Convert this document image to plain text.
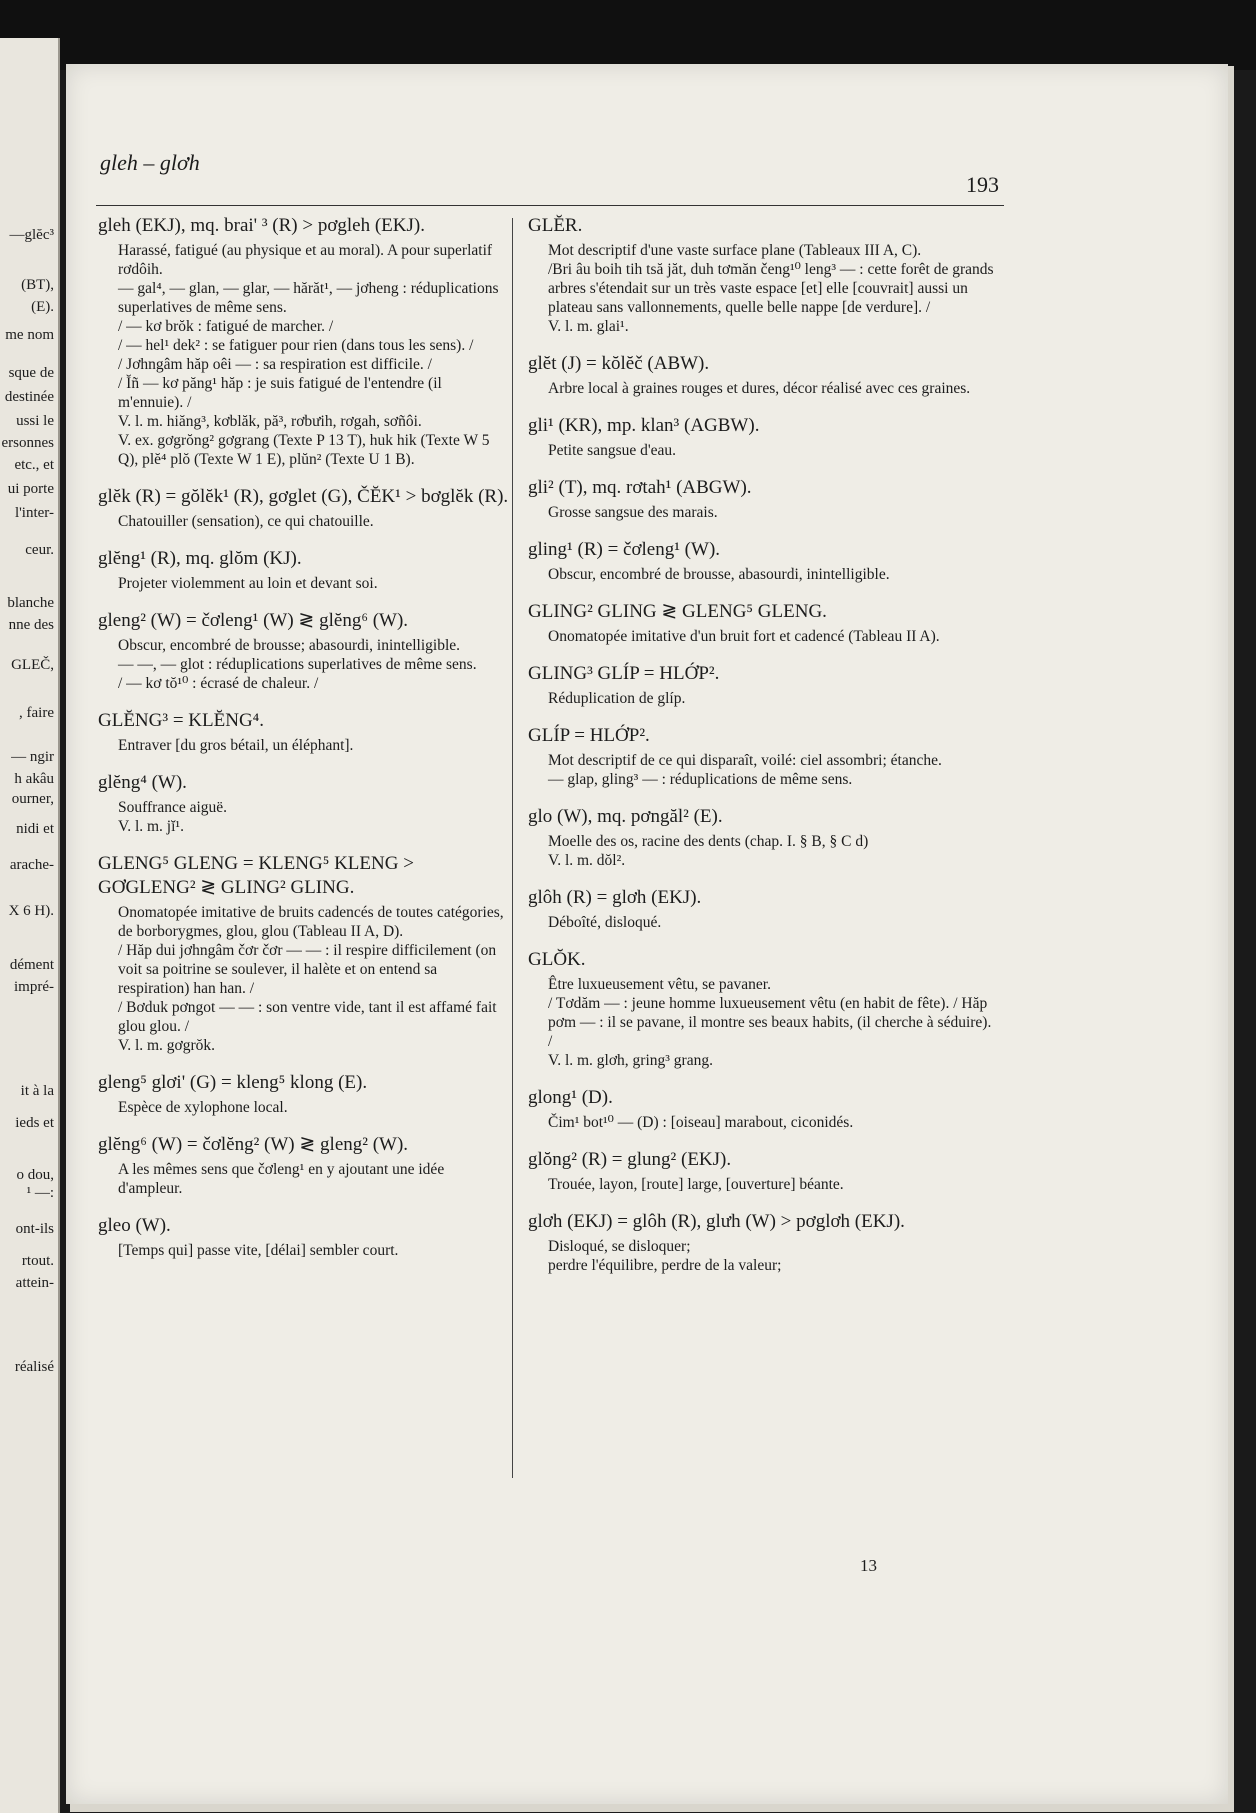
—glĕc³
(BT),
(E).
me nom
sque de
destinée
ussi le
ersonnes
etc., et
ui porte
l'inter-
ceur.
blanche
nne des
GLEČ,
, faire
— ngir
h akâu
ourner,
nidi et
arache-
X 6 H).
dément
impré-
it à la
ieds et
o dou,
¹ —:
ont-ils
rtout.
attein-
réalisé
gleh – glơh
193
gleh (EKJ), mq. brai' ³ (R) > pơgleh (EKJ).

Harassé, fatigué (au physique et au moral). A pour superlatif rơdôih.

— gal⁴, — glan, — glar, — hărăt¹, — jơheng : réduplications superlatives de même sens.

/ — kơ brŏk : fatigué de marcher. /

/ — hel¹ dek² : se fatiguer pour rien (dans tous les sens). /

/ Jơhngâm hăp oêi — : sa respiration est difficile. /

/ Ĭñ — kơ păng¹ hăp : je suis fatigué de l'entendre (il m'ennuie). /

V. l. m. hiăng³, kơblăk, pă³, rơbưih, rơgah, sơñôi.

V. ex. gơgrŏng² gơgrang (Texte P 13 T), huk hik (Texte W 5 Q), plĕ⁴ plŏ (Texte W 1 E), plŭn² (Texte U 1 B).

glĕk (R) = gŏlĕk¹ (R), gơglet (G), ČĔK¹ > bơglĕk (R).

Chatouiller (sensation), ce qui chatouille.

glĕng¹ (R), mq. glŏm (KJ).

Projeter violemment au loin et devant soi.

gleng² (W) = čơleng¹ (W) ≷ glĕng⁶ (W).

Obscur, encombré de brousse; abasourdi, inintelligible.

— —, — glot : réduplications superlatives de même sens.

/ — kơ tŏ¹⁰ : écrasé de chaleur. /

GLĔNG³ = KLĔNG⁴.

Entraver [du gros bétail, un éléphant].

glĕng⁴ (W).

Souffrance aiguë.

V. l. m. jĭ¹.

GLENG⁵ GLENG = KLENG⁵ KLENG > GƠGLENG² ≷ GLING² GLING.

Onomatopée imitative de bruits cadencés de toutes catégories, de borborygmes, glou, glou (Tableau II A, D).

/ Hăp dui jơhngâm čơr čơr — — : il respire difficilement (on voit sa poitrine se soulever, il halète et on entend sa respiration) han han. /

/ Bơduk pơngot — — : son ventre vide, tant il est affamé fait glou glou. /

V. l. m. gơgrŏk.

gleng⁵ glơi' (G) = kleng⁵ klong (E).

Espèce de xylophone local.

glĕng⁶ (W) = čơlĕng² (W) ≷ gleng² (W).

A les mêmes sens que čơleng¹ en y ajoutant une idée d'ampleur.

gleo (W).

[Temps qui] passe vite, [délai] sembler court.

GLĔR.

Mot descriptif d'une vaste surface plane (Tableaux III A, C).

/Bri âu boih tih tsă jăt, duh tơmăn čeng¹⁰ leng³ — : cette forêt de grands arbres s'étendait sur un très vaste espace [et] elle [couvrait] aussi un plateau sans vallonnements, quelle belle nappe [de verdure]. /

V. l. m. glai¹.

glĕt (J) = kŏlĕč (ABW).

Arbre local à graines rouges et dures, décor réalisé avec ces graines.

gli¹ (KR), mp. klan³ (AGBW).

Petite sangsue d'eau.

gli² (T), mq. rơtah¹ (ABGW).

Grosse sangsue des marais.

gling¹ (R) = čơleng¹ (W).

Obscur, encombré de brousse, abasourdi, inintelligible.

GLING² GLING ≷ GLENG⁵ GLENG.

Onomatopée imitative d'un bruit fort et cadencé (Tableau II A).

GLING³ GLÍP = HLỚP².

Réduplication de glíp.

GLÍP = HLỚP².

Mot descriptif de ce qui disparaît, voilé: ciel assombri; étanche.

— glap, gling³ — : réduplications de même sens.

glo (W), mq. pơngăl² (E).

Moelle des os, racine des dents (chap. I. § B, § C d)

V. l. m. dŏl².

glôh (R) = glơh (EKJ).

Déboîté, disloqué.

GLŎK.

Être luxueusement vêtu, se pavaner.

/ Tơdăm — : jeune homme luxueusement vêtu (en habit de fête). / Hăp pơm — : il se pavane, il montre ses beaux habits, (il cherche à séduire). /

V. l. m. glơh, gring³ grang.

glong¹ (D).

Čim¹ bot¹⁰ — (D) : [oiseau] marabout, ciconidés.

glŏng² (R) = glung² (EKJ).

Trouée, layon, [route] large, [ouverture] béante.

glơh (EKJ) = glôh (R), glưh (W) > pơglơh (EKJ).

Disloqué, se disloquer;

perdre l'équilibre, perdre de la valeur;

13
